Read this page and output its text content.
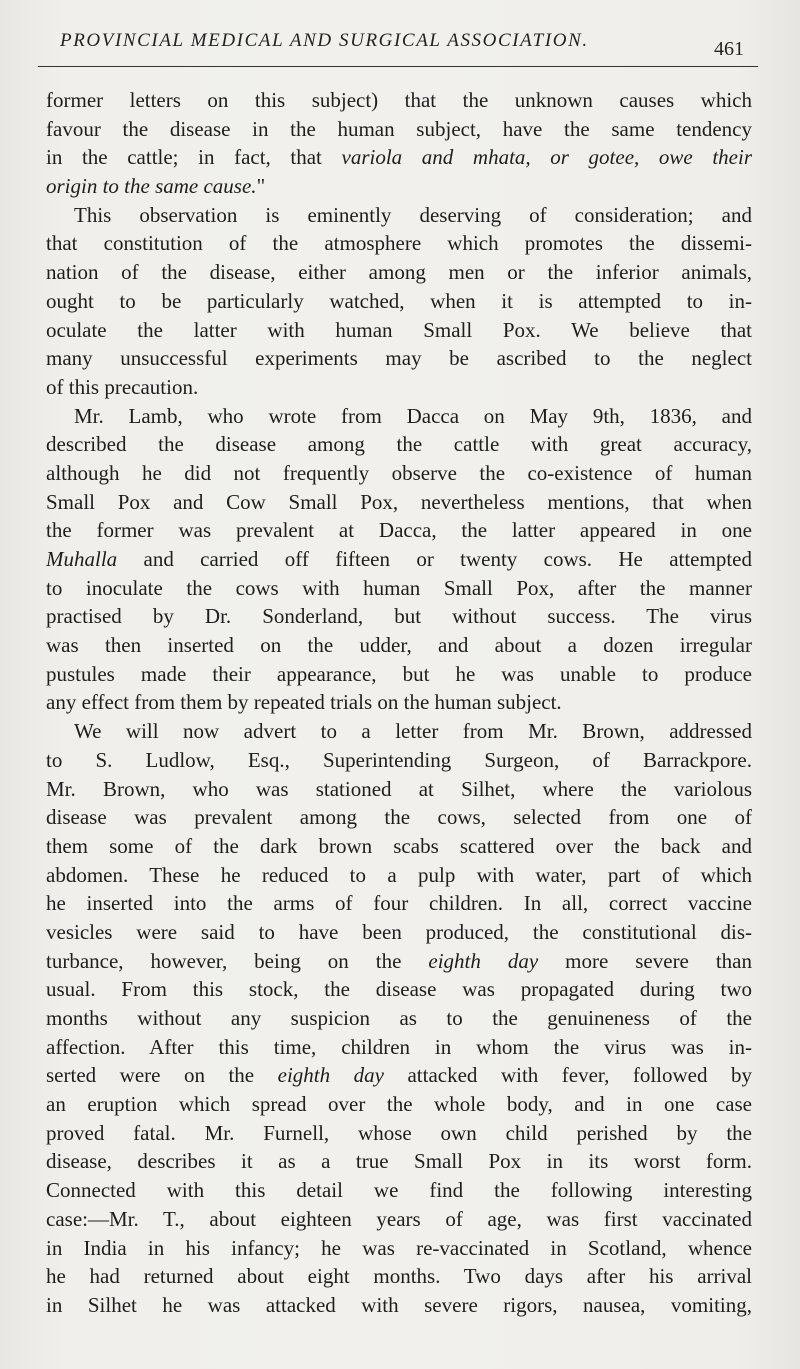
PROVINCIAL MEDICAL AND SURGICAL ASSOCIATION.	461
former letters on this subject) that the unknown causes which
favour the disease in the human subject, have the same tendency
in the cattle; in fact, that variola and mhata, or gotee, owe their
origin to the same cause."
This observation is eminently deserving of consideration; and
that constitution of the atmosphere which promotes the dissemi-
nation of the disease, either among men or the inferior animals,
ought to be particularly watched, when it is attempted to in-
oculate the latter with human Small Pox. We believe that
many unsuccessful experiments may be ascribed to the neglect
of this precaution.
Mr. Lamb, who wrote from Dacca on May 9th, 1836, and
described the disease among the cattle with great accuracy,
although he did not frequently observe the co-existence of human
Small Pox and Cow Small Pox, nevertheless mentions, that when
the former was prevalent at Dacca, the latter appeared in one
Muhalla and carried off fifteen or twenty cows. He attempted
to inoculate the cows with human Small Pox, after the manner
practised by Dr. Sonderland, but without success. The virus
was then inserted on the udder, and about a dozen irregular
pustules made their appearance, but he was unable to produce
any effect from them by repeated trials on the human subject.
We will now advert to a letter from Mr. Brown, addressed
to S. Ludlow, Esq., Superintending Surgeon, of Barrackpore.
Mr. Brown, who was stationed at Silhet, where the variolous
disease was prevalent among the cows, selected from one of
them some of the dark brown scabs scattered over the back and
abdomen. These he reduced to a pulp with water, part of which
he inserted into the arms of four children. In all, correct vaccine
vesicles were said to have been produced, the constitutional dis-
turbance, however, being on the eighth day more severe than
usual. From this stock, the disease was propagated during two
months without any suspicion as to the genuineness of the
affection. After this time, children in whom the virus was in-
serted were on the eighth day attacked with fever, followed by
an eruption which spread over the whole body, and in one case
proved fatal. Mr. Furnell, whose own child perished by the
disease, describes it as a true Small Pox in its worst form.
Connected with this detail we find the following interesting
case:—Mr. T., about eighteen years of age, was first vaccinated
in India in his infancy; he was re-vaccinated in Scotland, whence
he had returned about eight months. Two days after his arrival
in Silhet he was attacked with severe rigors, nausea, vomiting,
